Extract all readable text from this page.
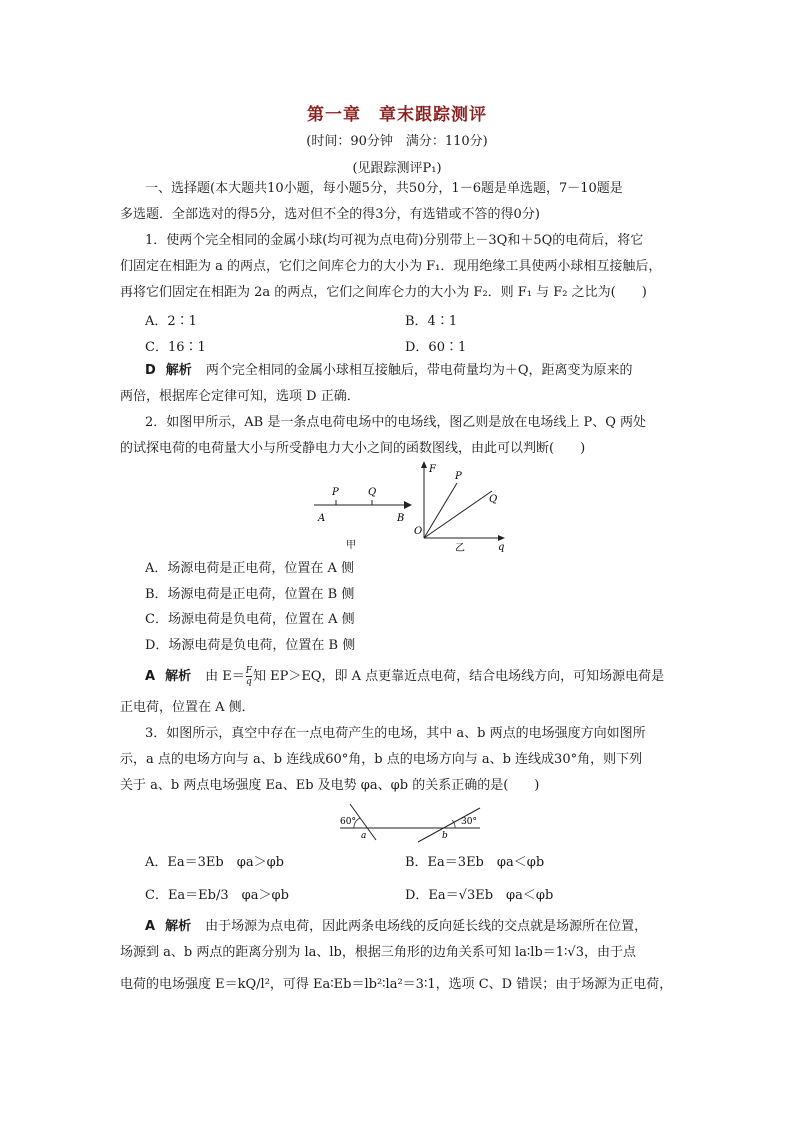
第一章　章末跟踪测评
(时间：90分钟　满分：110分)
(见跟踪测评P₁)
一、选择题(本大题共10小题，每小题5分，共50分，1－6题是单选题，7－10题是
多选题．全部选对的得5分，选对但不全的得3分，有选错或不答的得0分)
1．使两个完全相同的金属小球(均可视为点电荷)分别带上－3Q和＋5Q的电荷后，将它
们固定在相距为 a 的两点，它们之间库仑力的大小为 F₁．现用绝缘工具使两小球相互接触后，
再将它们固定在相距为 2a 的两点，它们之间库仑力的大小为 F₂．则 F₁ 与 F₂ 之比为(　　)
A．2∶1	B．4∶1
C．16∶1	D．60∶1
D 解析 两个完全相同的金属小球相互接触后，带电荷量均为＋Q，距离变为原来的
两倍，根据库仑定律可知，选项 D 正确．
2．如图甲所示，AB 是一条点电荷电场中的电场线，图乙则是放在电场线上 P、Q 两处
的试探电荷的电荷量大小与所受静电力大小之间的函数图线，由此可以判断(　　)
P	Q
A	B
甲
F
P
Q
O
q
乙
A．场源电荷是正电荷，位置在 A 侧
B．场源电荷是正电荷，位置在 B 侧
C．场源电荷是负电荷，位置在 A 侧
D．场源电荷是负电荷，位置在 B 侧
A 解析 由 $E= \frac{F}{q}$ 知 EP＞EQ，即 A 点更靠近点电荷，结合电场线方向，可知场源电荷是
正电荷，位置在 A 侧．
3．如图所示，真空中存在一点电荷产生的电场，其中 a、b 两点的电场强度方向如图所
示，a 点的电场方向与 a、b 连线成60°角，b 点的电场方向与 a、b 连线成30°角，则下列
关于 a、b 两点电场强度 Ea、Eb 及电势 φa、φb 的关系正确的是(　　)
60°	30°
a	b
A．Ea＝3Eb　φa＞φb	B．Ea＝3Eb　φa＜φb
C．Ea＝Eb/3　φa＞φb	D．Ea＝√3Eb　φa＜φb
A 解析 由于场源为点电荷，因此两条电场线的反向延长线的交点就是场源所在位置，
场源到 a、b 两点的距离分别为 la、lb，根据三角形的边角关系可知 la∶lb＝1∶√3，由于点
电荷的电场强度 E＝kQ/l²，可得 Ea∶Eb＝lb²∶la²＝3∶1，选项 C、D 错误；由于场源为正电荷，
